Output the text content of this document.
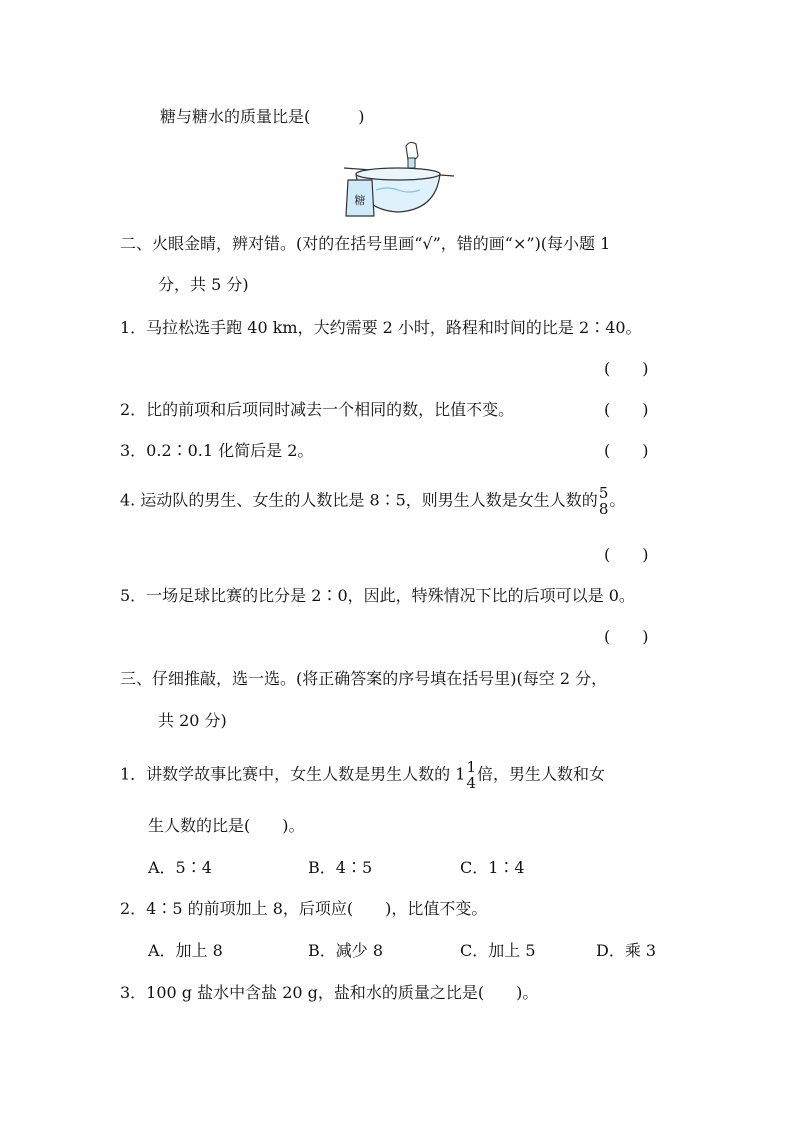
糖与糖水的质量比是(　　　)
糖
二、火眼金睛，辨对错。(对的在括号里画“√”，错的画“×”)(每小题 1
分，共 5 分)
1．马拉松选手跑 40 km，大约需要 2 小时，路程和时间的比是 2∶40。
(　　)
2．比的前项和后项同时减去一个相同的数，比值不变。	(　　)
3．0.2∶0.1 化简后是 2。	(　　)
4. 运动队的男生、女生的人数比是 8∶5，则男生人数是女生人数的 5
8 。
(　　)
5．一场足球比赛的比分是 2∶0，因此，特殊情况下比的后项可以是 0。
(　　)
三、仔细推敲，选一选。(将正确答案的序号填在括号里)(每空 2 分，
共 20 分)
1．讲数学故事比赛中，女生人数是男生人数的 1 1
4 倍，男生人数和女
生人数的比是(　　)。
A．5∶4	B．4∶5	C．1∶4
2．4∶5 的前项加上 8，后项应(　　)，比值不变。
A．加上 8	B．减少 8	C．加上 5	D．乘 3
3．100 g 盐水中含盐 20 g，盐和水的质量之比是(　　)。
